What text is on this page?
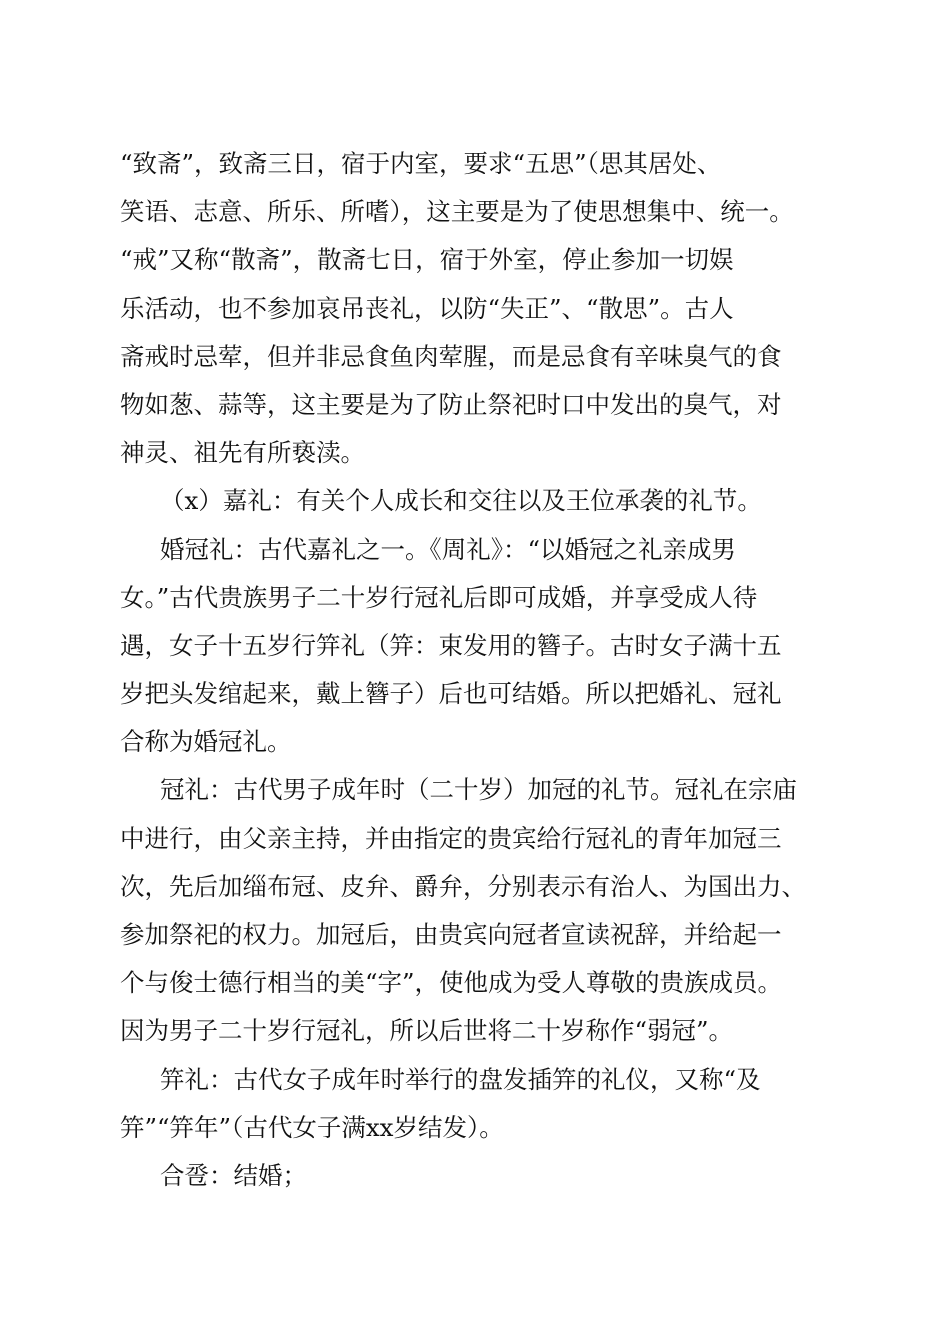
“致斋”，致斋三日，宿于内室，要求“五思”（思其居处、
笑语、志意、所乐、所嗜），这主要是为了使思想集中、统一。
“戒”又称“散斋”，散斋七日，宿于外室，停止参加一切娱
乐活动，也不参加哀吊丧礼，以防“失正”、“散思”。古人
斋戒时忌荤，但并非忌食鱼肉荤腥，而是忌食有辛味臭气的食
物如葱、蒜等，这主要是为了防止祭祀时口中发出的臭气，对
神灵、祖先有所亵渎。
（x）嘉礼：有关个人成长和交往以及王位承袭的礼节。
婚冠礼：古代嘉礼之一。《周礼》：“以婚冠之礼亲成男
女。”古代贵族男子二十岁行冠礼后即可成婚，并享受成人待
遇，女子十五岁行笄礼（笄：束发用的簪子。古时女子满十五
岁把头发绾起来，戴上簪子）后也可结婚。所以把婚礼、冠礼
合称为婚冠礼。
冠礼：古代男子成年时（二十岁）加冠的礼节。冠礼在宗庙
中进行，由父亲主持，并由指定的贵宾给行冠礼的青年加冠三
次，先后加缁布冠、皮弁、爵弁，分别表示有治人、为国出力、
参加祭祀的权力。加冠后，由贵宾向冠者宣读祝辞，并给起一
个与俊士德行相当的美“字”，使他成为受人尊敬的贵族成员。
因为男子二十岁行冠礼，所以后世将二十岁称作“弱冠”。
笄礼：古代女子成年时举行的盘发插笄的礼仪，又称“及
笄”“笄年”（古代女子满xx岁结发）。
合卺：结婚；
